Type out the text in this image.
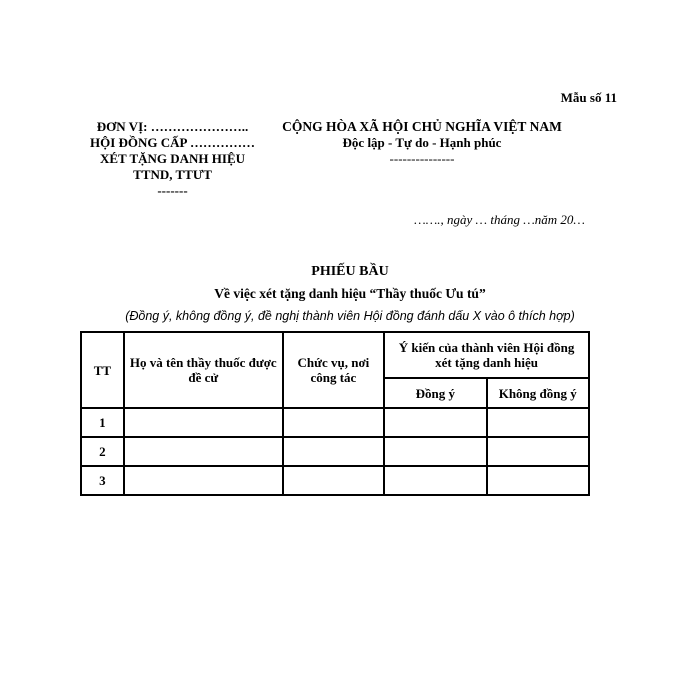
Mẫu số 11
ĐƠN VỊ: …………………..
HỘI ĐỒNG CẤP ……………
XÉT TẶNG DANH HIỆU
TTND, TTƯT
-------
CỘNG HÒA XÃ HỘI CHỦ NGHĨA VIỆT NAM
Độc lập - Tự do - Hạnh phúc
---------------
……., ngày … tháng …năm 20…
PHIẾU BẦU
Về việc xét tặng danh hiệu “Thầy thuốc Ưu tú”
(Đồng ý, không đồng ý, đề nghị thành viên Hội đồng đánh dấu X vào ô thích hợp)
TT	Họ và tên thầy thuốc được đề cử	Chức vụ, nơi công tác	Ý kiến của thành viên Hội đồng xét tặng danh hiệu	
			Đồng ý	Không đồng ý
1				
2				
3				
